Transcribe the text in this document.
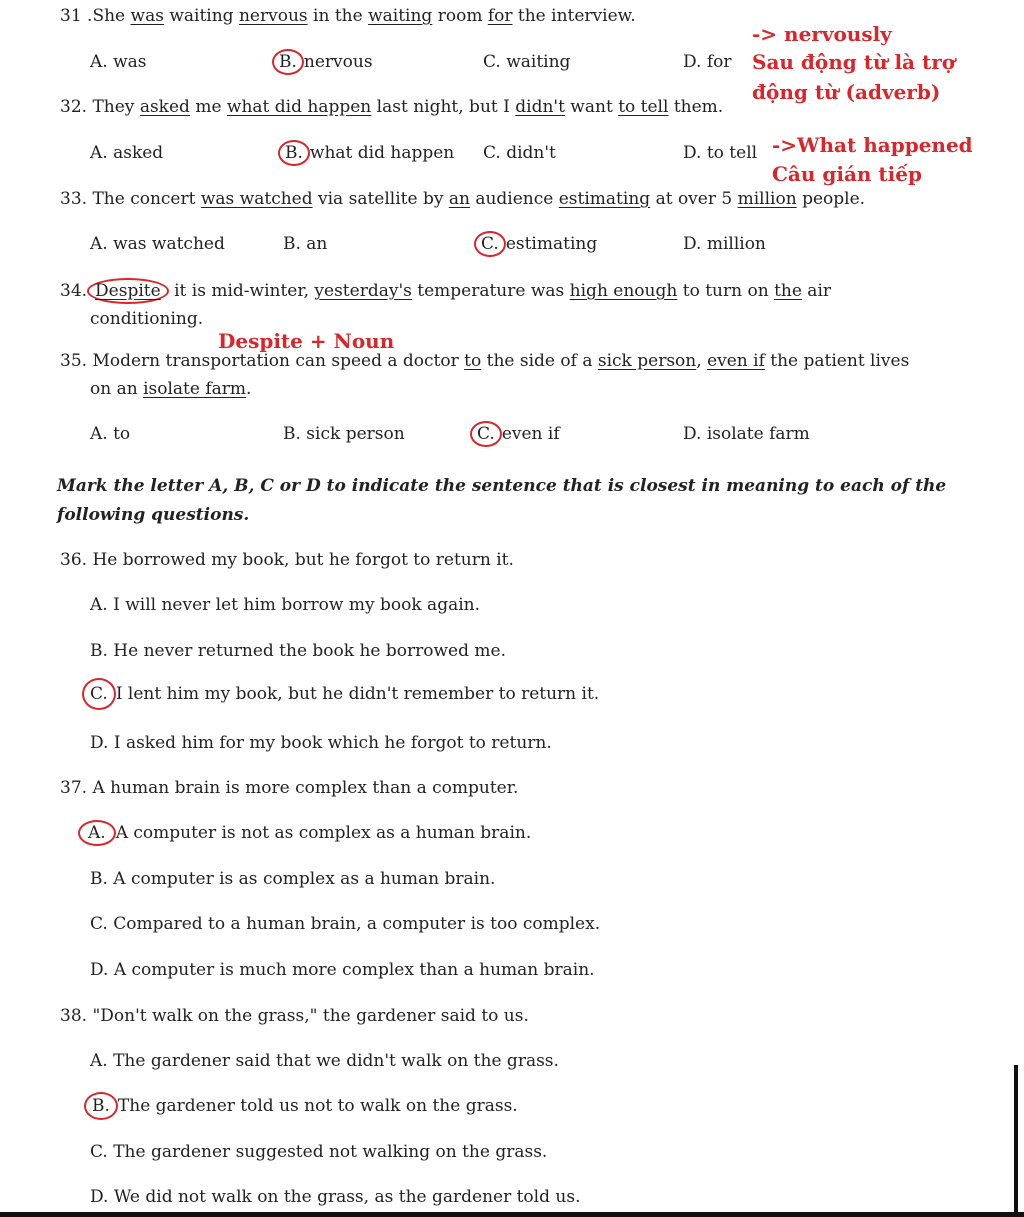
31 .She was waiting nervous in the waiting room for the interview.
A. was	B. nervous	C. waiting	D. for
32. They asked me what did happen last night, but I didn't want to tell them.
A. asked	B. what did happen C. didn't	D. to tell
33. The concert was watched via satellite by an audience estimating at over 5 million people.
A. was watched	B. an	C. estimating	D. million
34. Despite it is mid-winter, yesterday's temperature was high enough to turn on the air
conditioning.
35. Modern transportation can speed a doctor to the side of a sick person, even if the patient lives
on an isolate farm.
A. to	B. sick person	C. even if	D. isolate farm
Mark the letter A, B, C or D to indicate the sentence that is closest in meaning to each of the
following questions.
36. He borrowed my book, but he forgot to return it.
A. I will never let him borrow my book again.
B. He never returned the book he borrowed me.
C. I lent him my book, but he didn't remember to return it.
D. I asked him for my book which he forgot to return.
37. A human brain is more complex than a computer.
A. A computer is not as complex as a human brain.
B. A computer is as complex as a human brain.
C. Compared to a human brain, a computer is too complex.
D. A computer is much more complex than a human brain.
38. "Don't walk on the grass," the gardener said to us.
A. The gardener said that we didn't walk on the grass.
B. The gardener told us not to walk on the grass.
C. The gardener suggested not walking on the grass.
D. We did not walk on the grass, as the gardener told us.
-> nervously
Sau động từ là trợ
động từ (adverb)
->What happened
Câu gián tiếp
Despite + Noun
